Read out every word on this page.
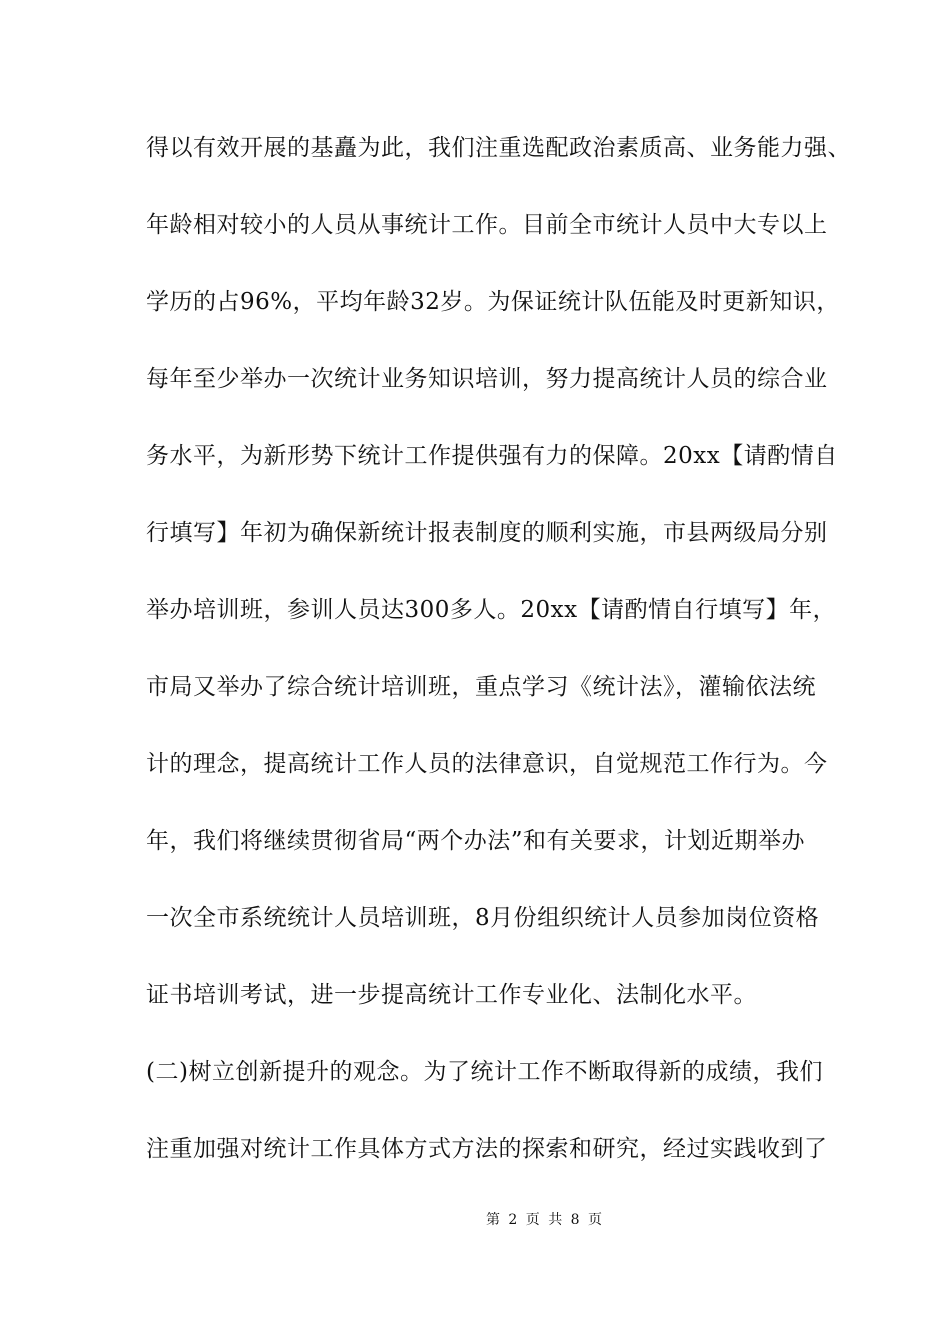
得以有效开展的基矗为此，我们注重选配政治素质高、业务能力强、
年龄相对较小的人员从事统计工作。目前全市统计人员中大专以上
学历的占96%，平均年龄32岁。为保证统计队伍能及时更新知识，
每年至少举办一次统计业务知识培训，努力提高统计人员的综合业
务水平，为新形势下统计工作提供强有力的保障。20xx【请酌情自
行填写】年初为确保新统计报表制度的顺利实施，市县两级局分别
举办培训班，参训人员达300多人。20xx【请酌情自行填写】年，
市局又举办了综合统计培训班，重点学习《统计法》，灌输依法统
计的理念，提高统计工作人员的法律意识，自觉规范工作行为。今
年，我们将继续贯彻省局“两个办法”和有关要求，计划近期举办
一次全市系统统计人员培训班，8月份组织统计人员参加岗位资格
证书培训考试，进一步提高统计工作专业化、法制化水平。
(二)树立创新提升的观念。为了统计工作不断取得新的成绩，我们
注重加强对统计工作具体方式方法的探索和研究，经过实践收到了
第 2 页 共 8 页
